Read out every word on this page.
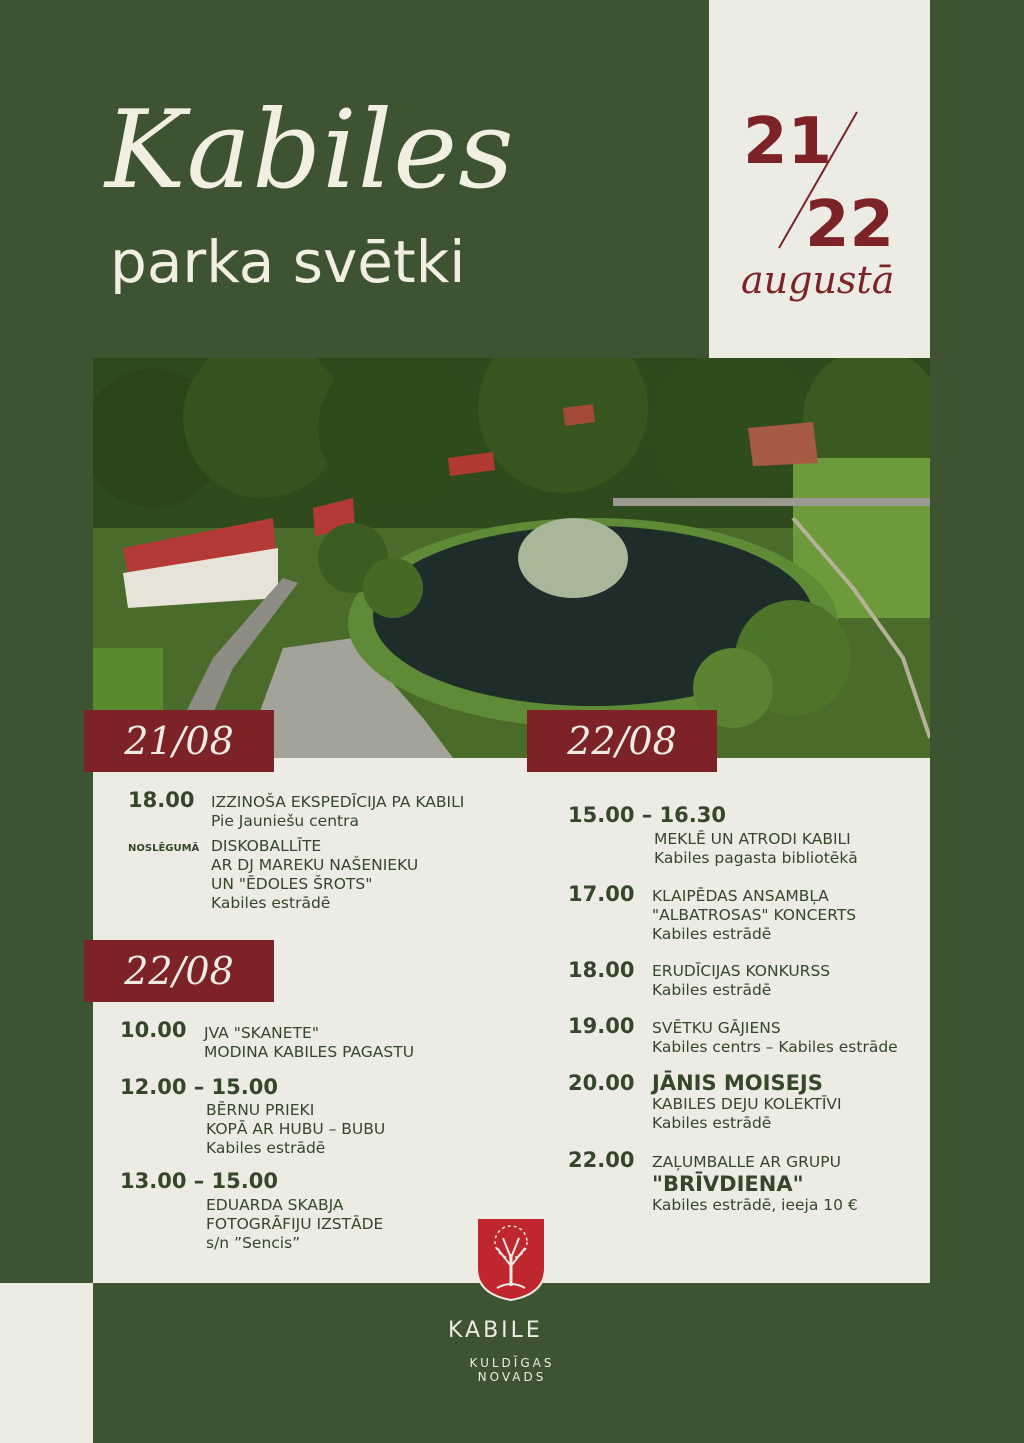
Kabiles
parka svētki
21
22
augustā
21/08	22/08
22/08
18.00 IZZINOŠA EKSPEDĪCIJA PA KABILI
Pie Jauniešu centra
NOSLĒGUMĀ DISKOBALLĪTE
AR DJ MAREKU NAŠENIEKU
UN "ĒDOLES ŠROTS"
Kabiles estrādē
10.00 JVA "SKANETE"
MODINA KABILES PAGASTU
12.00 – 15.00
BĒRNU PRIEKI
KOPĀ AR HUBU – BUBU
Kabiles estrādē
13.00 – 15.00
EDUARDA SKABJA
FOTOGRĀFIJU IZSTĀDE
s/n ”Sencis”
15.00 – 16.30
MEKLĒ UN ATRODI KABILI
Kabiles pagasta bibliotēkā
17.00 KLAIPĒDAS ANSAMBĻA
"ALBATROSAS" KONCERTS
Kabiles estrādē
18.00 ERUDĪCIJAS KONKURSS
Kabiles estrādē
19.00 SVĒTKU GĀJIENS
Kabiles centrs – Kabiles estrāde
20.00 JĀNIS MOISEJS
KABILES DEJU KOLEKTĪVI
Kabiles estrādē
22.00 ZAĻUMBALLE AR GRUPU
"BRĪVDIENA"
Kabiles estrādē, ieeja 10 €
KABILE
KULDĪGAS
NOVADS
